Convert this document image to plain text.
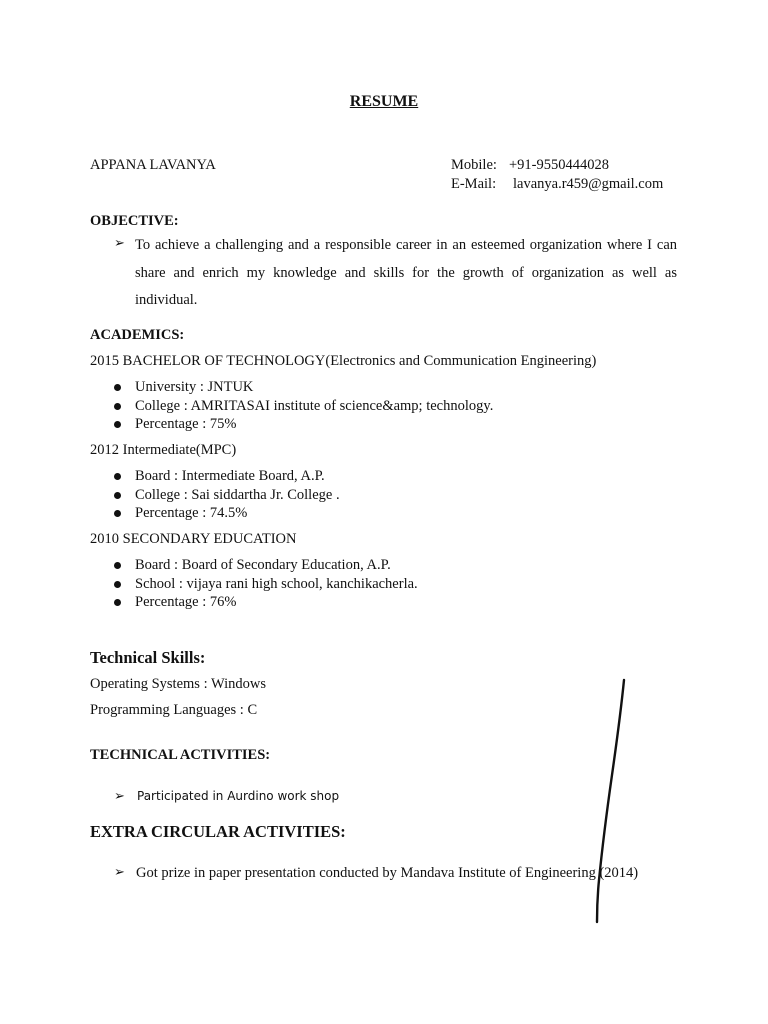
RESUME
APPANA LAVANYA	Mobile: +91-9550444028
E-Mail: lavanya.r459@gmail.com
OBJECTIVE:
➢ To achieve a challenging and a responsible career in an esteemed organization where I can share and enrich my knowledge and skills for the growth of organization as well as individual.
ACADEMICS:
2015 BACHELOR OF TECHNOLOGY(Electronics and Communication Engineering)
University : JNTUK
College : AMRITASAI institute of science&amp; technology.
Percentage : 75%
2012 Intermediate(MPC)
Board : Intermediate Board, A.P.
College : Sai siddartha Jr. College .
Percentage : 74.5%
2010 SECONDARY EDUCATION
Board : Board of Secondary Education, A.P.
School : vijaya rani high school, kanchikacherla.
Percentage : 76%
Technical Skills:
Operating Systems : Windows
Programming Languages : C
TECHNICAL ACTIVITIES:
➢ Participated in Aurdino work shop
EXTRA CIRCULAR ACTIVITIES:
➢ Got prize in paper presentation conducted by Mandava Institute of Engineering (2014)
